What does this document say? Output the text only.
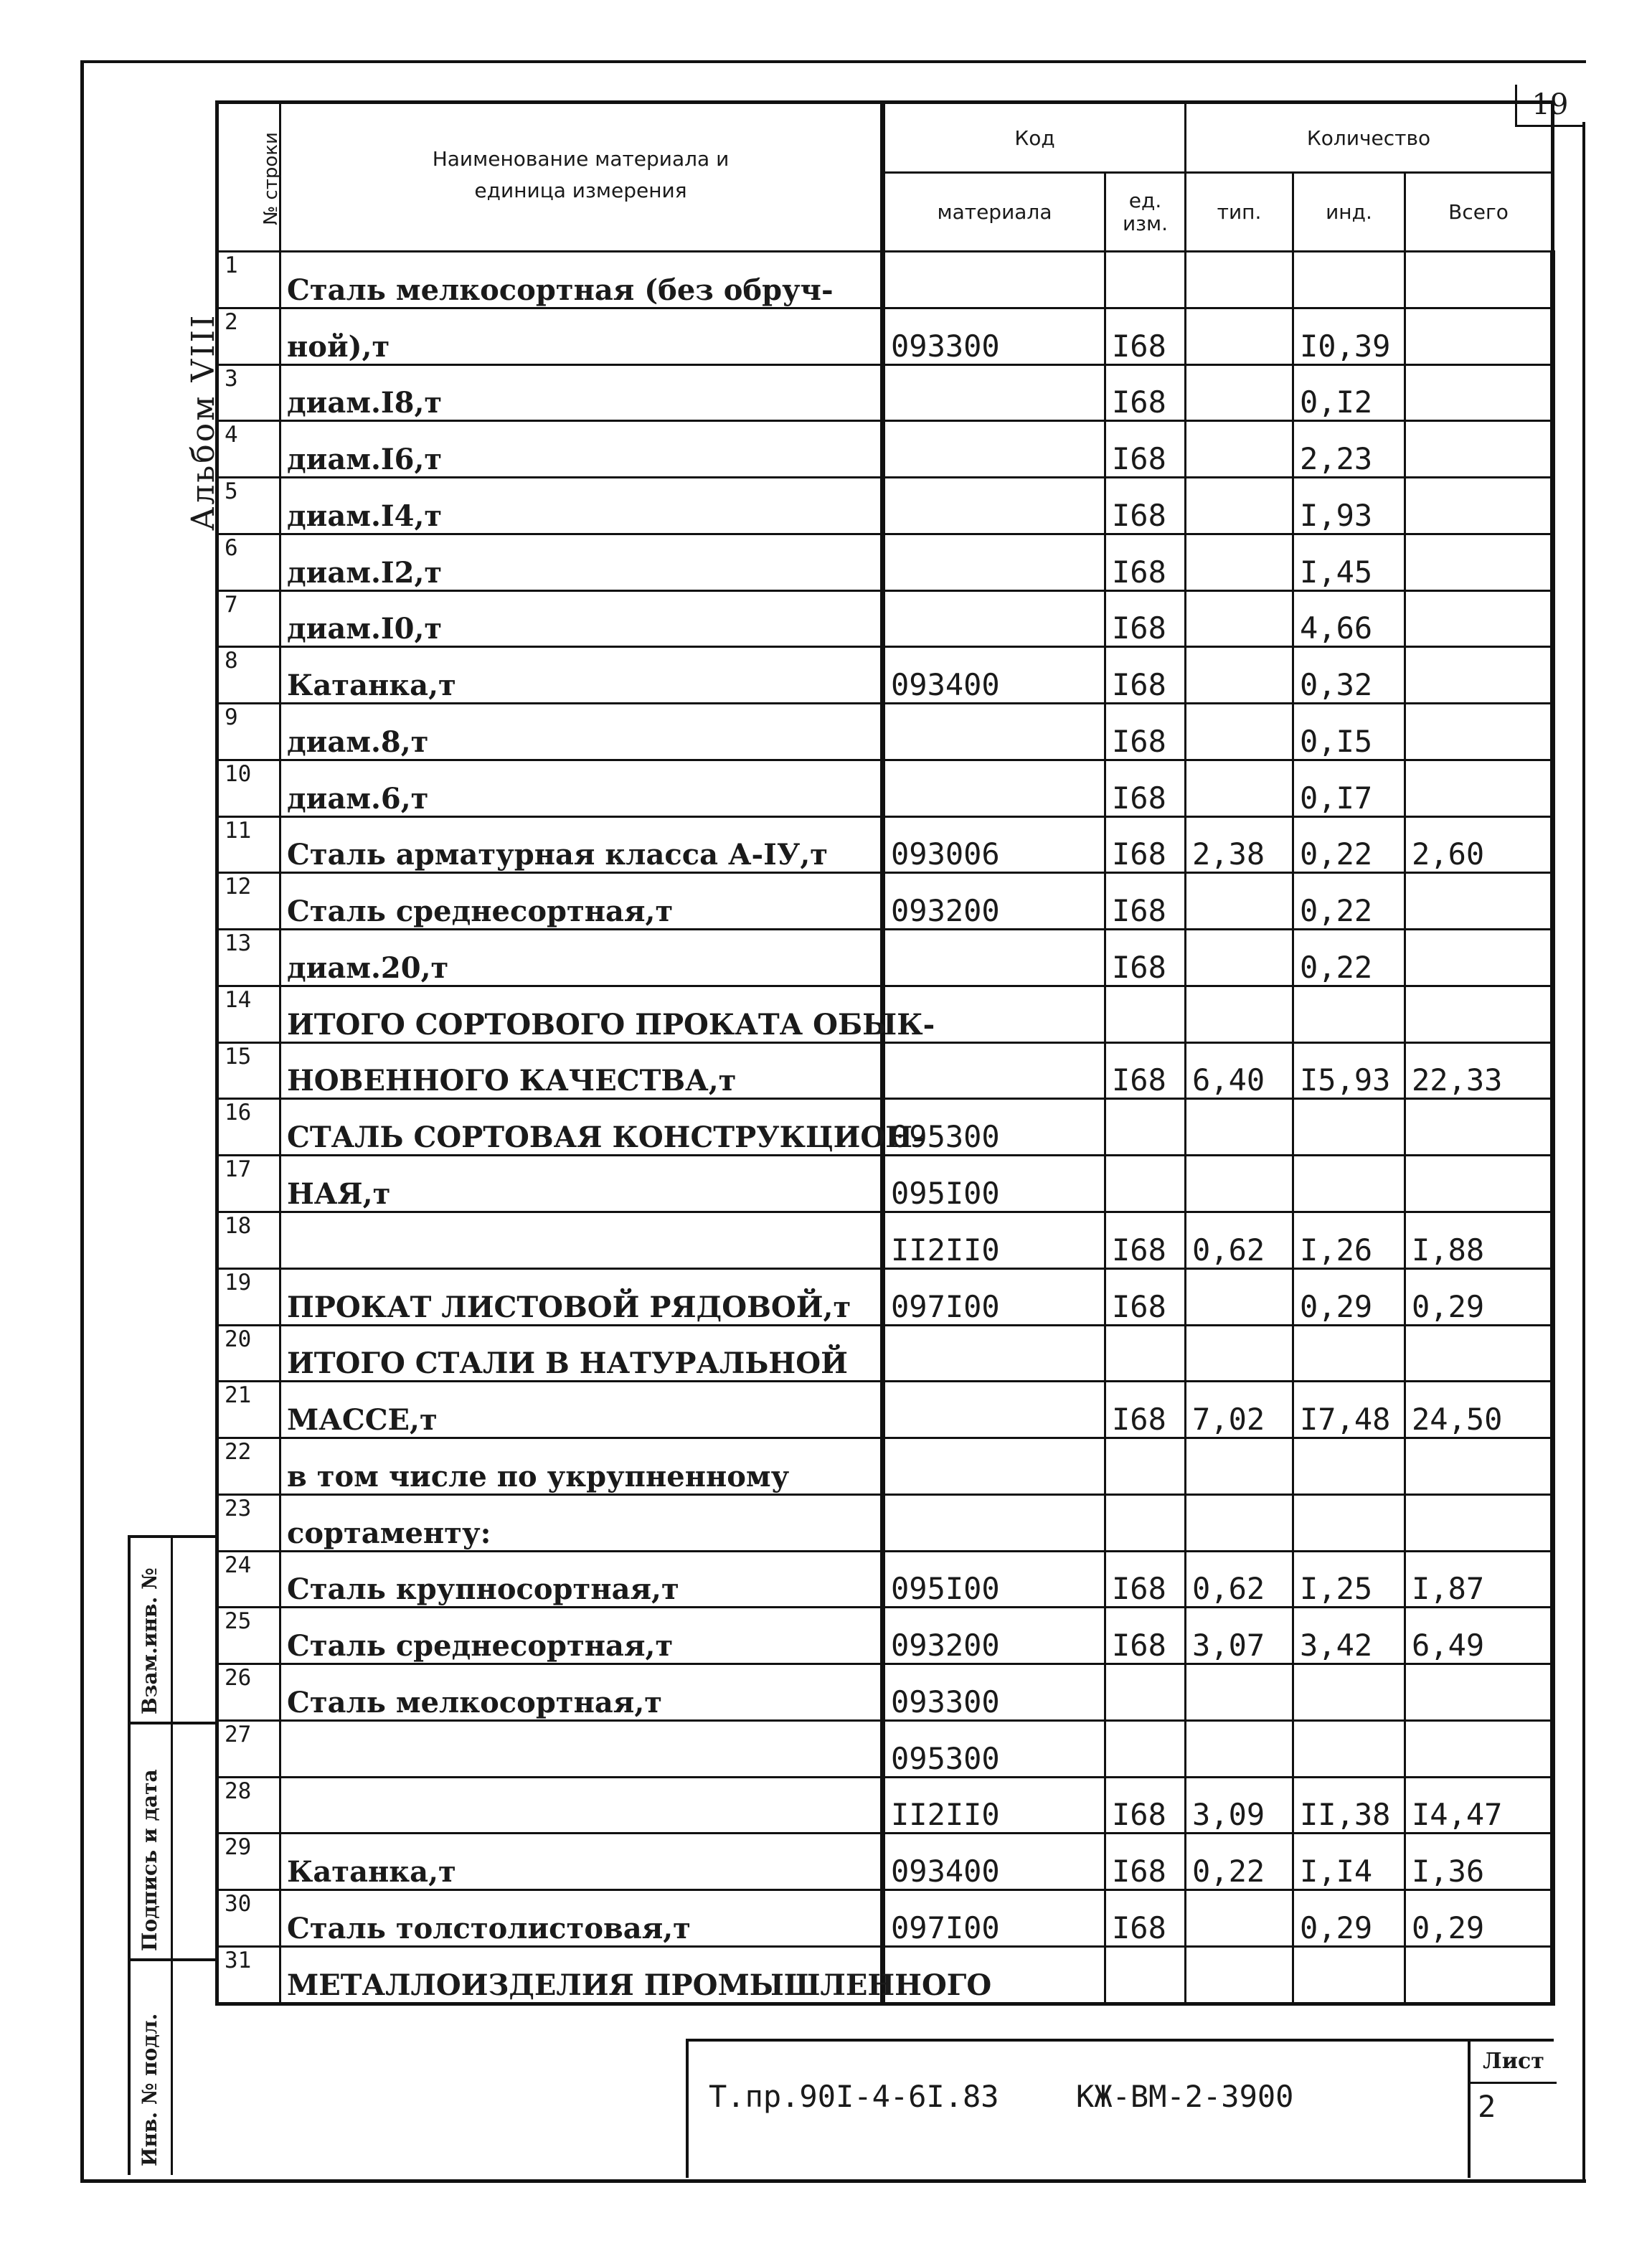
19
Альбом VIII
№ строки	Наименование материала и единица измерения	Код		Количество		
		материала	ед. изм.	тип.	инд.	Всего
1	Сталь мелкосортная (без обруч-					
2	ной),т	093300	I68		I0,39	
3	диам.I8,т		I68		0,I2	
4	диам.I6,т		I68		2,23	
5	диам.I4,т		I68		I,93	
6	диам.I2,т		I68		I,45	
7	диам.I0,т		I68		4,66	
8	Катанка,т	093400	I68		0,32	
9	диам.8,т		I68		0,I5	
10	диам.6,т		I68		0,I7	
11	Сталь арматурная класса А-IУ,т	093006	I68	2,38	0,22	2,60
12	Сталь среднесортная,т	093200	I68		0,22	
13	диам.20,т		I68		0,22	
14	ИТОГО СОРТОВОГО ПРОКАТА ОБЫК-					
15	НОВЕННОГО КАЧЕСТВА,т		I68	6,40	I5,93	22,33
16	СТАЛЬ СОРТОВАЯ КОНСТРУКЦИОН-	095300				
17	НАЯ,т	095I00				
18		II2II0	I68	0,62	I,26	I,88
19	ПРОКАТ ЛИСТОВОЙ РЯДОВОЙ,т	097I00	I68		0,29	0,29
20	ИТОГО СТАЛИ В НАТУРАЛЬНОЙ					
21	МАССЕ,т		I68	7,02	I7,48	24,50
22	в том числе по укрупненному					
23	сортаменту:					
24	Сталь крупносортная,т	095I00	I68	0,62	I,25	I,87
25	Сталь среднесортная,т	093200	I68	3,07	3,42	6,49
26	Сталь мелкосортная,т	093300				
27		095300				
28		II2II0	I68	3,09	II,38	I4,47
29	Катанка,т	093400	I68	0,22	I,I4	I,36
30	Сталь толстолистовая,т	097I00	I68		0,29	0,29
31	МЕТАЛЛОИЗДЕЛИЯ ПРОМЫШЛЕННОГО					
Взам.инв. №
Подпись и дата
Инв. № подл.	Т.пр.90I-4-6I.83	КЖ-ВМ-2-3900
Лист
2
